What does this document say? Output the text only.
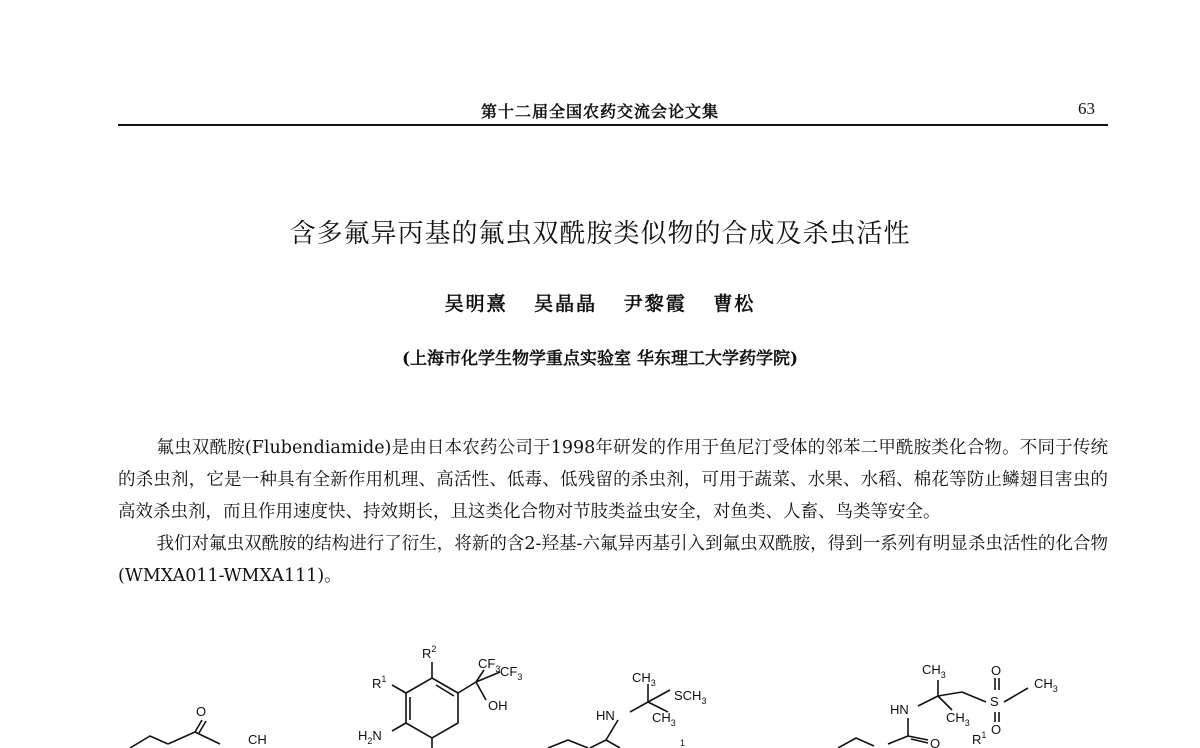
第十二届全国农药交流会论文集	63
含多氟异丙基的氟虫双酰胺类似物的合成及杀虫活性
吴明熹 吴晶晶 尹黎霞 曹松
(上海市化学生物学重点实验室 华东理工大学药学院)

氟虫双酰胺(Flubendiamide)是由日本农药公司于1998年研发的作用于鱼尼汀受体的邻苯二甲酰胺类化合物。不同于传统的杀虫剂，它是一种具有全新作用机理、高活性、低毒、低残留的杀虫剂，可用于蔬菜、水果、水稻、棉花等防止鳞翅目害虫的高效杀虫剂，而且作用速度快、持效期长，且这类化合物对节肢类益虫安全，对鱼类、人畜、鸟类等安全。

我们对氟虫双酰胺的结构进行了衍生，将新的含2-羟基-六氟异丙基引入到氟虫双酰胺，得到一系列有明显杀虫活性的化合物(WMXA011-WMXA111)。

O
CH
$R^2$
$R^1$
$CF_3$ $CF_3$
OH
$H_2N$
$CH_3$
$SCH_3$
HN	$CH_3$
1
$CH_3$
$CH_3$
HN
$CH_3$
S
O
O
O $R^1$
